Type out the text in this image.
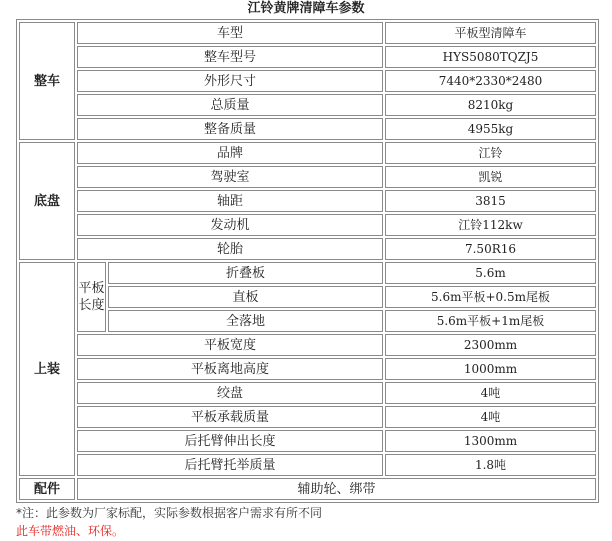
江铃黄牌清障车参数
整车	车型		平板型清障车
	整车型号		HYS5080TQZJ5
	外形尺寸		7440*2330*2480
	总质量		8210kg
	整备质量		4955kg
底盘	品牌		江铃
	驾驶室		凯锐
	轴距		3815
	发动机		江铃112kw
	轮胎		7.50R16
上装	平板长度	折叠板	5.6m
		直板	5.6m平板+0.5m尾板
		全落地	5.6m平板+1m尾板
	平板宽度		2300mm
	平板离地高度		1000mm
	绞盘		4吨
	平板承载质量		4吨
	后托臂伸出长度		1300mm
	后托臂托举质量		1.8吨
配件	辅助轮、绑带		
*注：此参数为厂家标配，实际参数根据客户需求有所不同
此车带燃油、环保。
